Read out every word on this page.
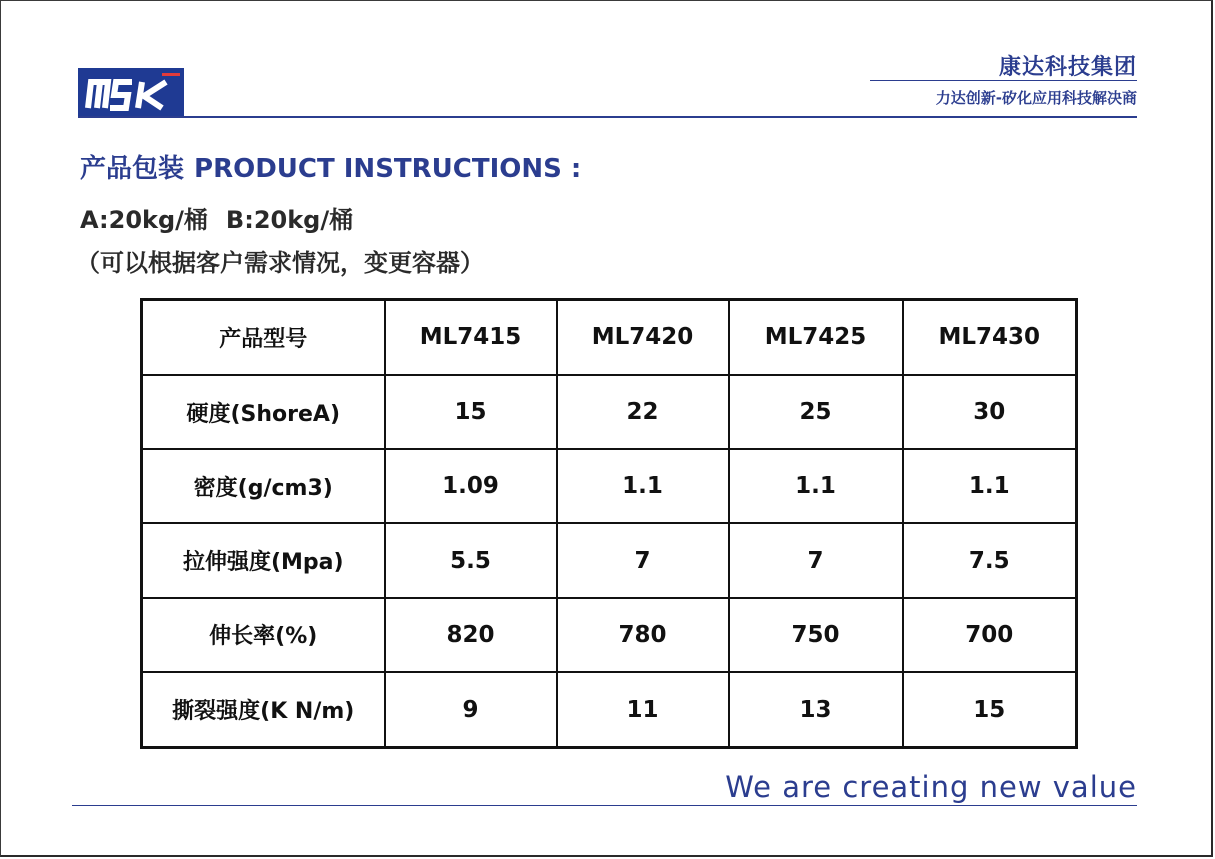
康达科技集团
力达创新-矽化应用科技解决商
产品包装 PRODUCT INSTRUCTIONS :
A:20kg/桶 B:20kg/桶
（可以根据客户需求情况，变更容器）
产品型号	ML7415	ML7420	ML7425	ML7430
硬度(ShoreA)	15	22	25	30
密度(g/cm3)	1.09	1.1	1.1	1.1
拉伸强度(Mpa)	5.5	7	7	7.5
伸长率(%)	820	780	750	700
撕裂强度(K N/m)	9	11	13	15
We are creating new value
